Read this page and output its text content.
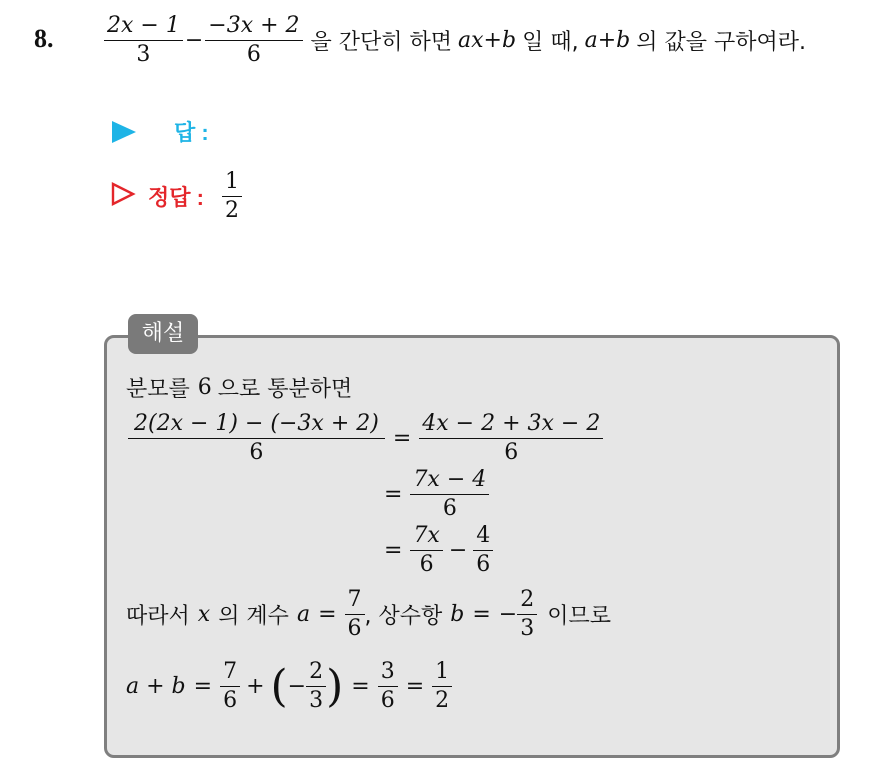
8. $\frac{2x - 1}{3} - \frac{-3x + 2}{6}$ 을 간단히 하면 ax+b 일 때, a+b 의 값을 구하여라.
답 :
정답 : $\frac{1}{2}$
해설
분모를 6 으로 통분하면
$\frac{2(2x - 1) - (-3x + 2)}{6} = \frac{4x - 2 + 3x - 2}{6}$
= $\frac{7x - 4}{6}$
= $\frac{7x}{6} - \frac{4}{6}$
따라서 x 의 계수 $a = \frac{7}{6}$ , 상수항 b = − $\frac{2}{3}$ 이므로
$a + b = \frac{7}{6}$ + ( − $\frac{2}{3}$ ) = $\frac{3}{6} = \frac{1}{2}$
